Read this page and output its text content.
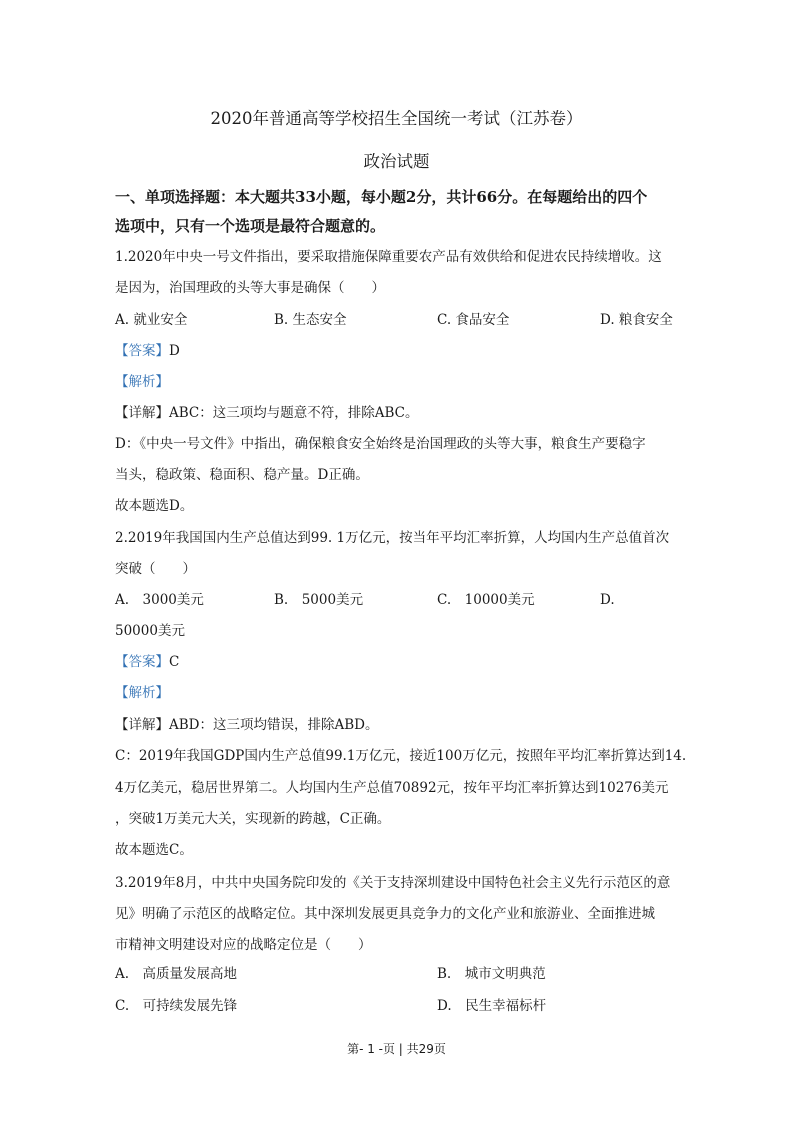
2020年普通高等学校招生全国统一考试（江苏卷）
政治试题
一、单项选择题：本大题共33小题，每小题2分，共计66分。在每题给出的四个
选项中，只有一个选项是最符合题意的。
1.2020年中央一号文件指出，要采取措施保障重要农产品有效供给和促进农民持续增收。这
是因为，治国理政的头等大事是确保（　　）
A. 就业安全	B. 生态安全	C. 食品安全	D. 粮食安全
【答案】D
【解析】
【详解】ABC：这三项均与题意不符，排除ABC。
D：《中央一号文件》中指出，确保粮食安全始终是治国理政的头等大事，粮食生产要稳字
当头，稳政策、稳面积、稳产量。D正确。
故本题选D。
2.2019年我国国内生产总值达到99. 1万亿元，按当年平均汇率折算，人均国内生产总值首次
突破（　　）
A.　3000美元	B.　5000美元	C.　10000美元	D.
50000美元
【答案】C
【解析】
【详解】ABD：这三项均错误，排除ABD。
C：2019年我国GDP国内生产总值99.1万亿元，接近100万亿元，按照年平均汇率折算达到14.
4万亿美元，稳居世界第二。人均国内生产总值70892元，按年平均汇率折算达到10276美元
，突破1万美元大关，实现新的跨越，C正确。
故本题选C。
3.2019年8月，中共中央国务院印发的《关于支持深圳建设中国特色社会主义先行示范区的意
见》明确了示范区的战略定位。其中深圳发展更具竞争力的文化产业和旅游业、全面推进城
市精神文明建设对应的战略定位是（　　）
A.　高质量发展高地	B.　城市文明典范
C.　可持续发展先锋	D.　民生幸福标杆
第- 1 -页 | 共29页
